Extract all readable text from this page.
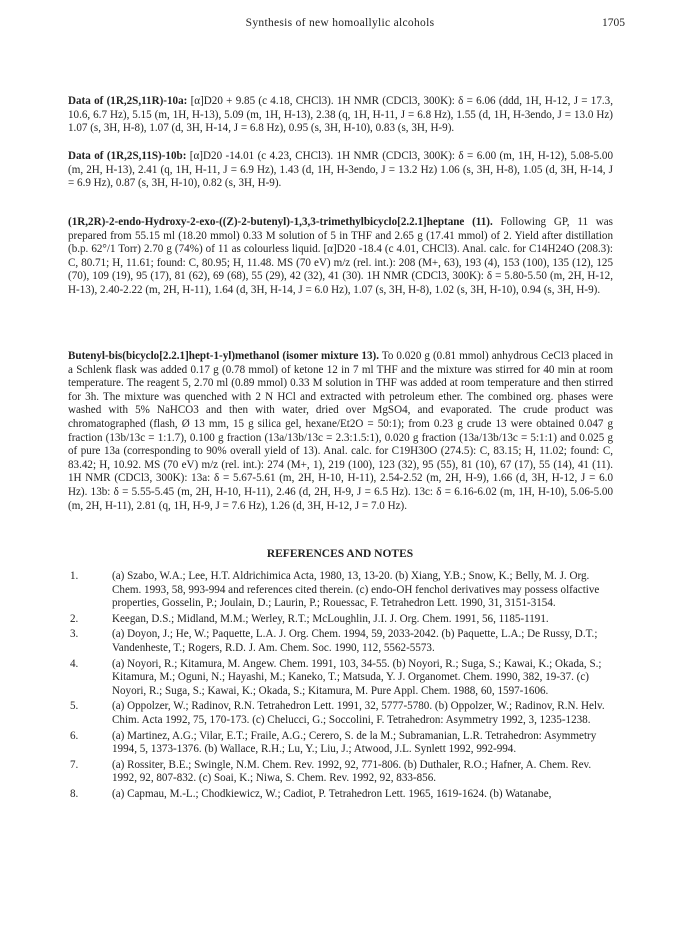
Synthesis of new homoallylic alcohols	1705

Data of (1R,2S,11R)-10a: [α]D20 + 9.85 (c 4.18, CHCl3). 1H NMR (CDCl3, 300K): δ = 6.06 (ddd, 1H, H-12, J = 17.3, 10.6, 6.7 Hz), 5.15 (m, 1H, H-13), 5.09 (m, 1H, H-13), 2.38 (q, 1H, H-11, J = 6.8 Hz), 1.55 (d, 1H, H-3endo, J = 13.0 Hz) 1.07 (s, 3H, H-8), 1.07 (d, 3H, H-14, J = 6.8 Hz), 0.95 (s, 3H, H-10), 0.83 (s, 3H, H-9).

Data of (1R,2S,11S)-10b: [α]D20 -14.01 (c 4.23, CHCl3). 1H NMR (CDCl3, 300K): δ = 6.00 (m, 1H, H-12), 5.08-5.00 (m, 2H, H-13), 2.41 (q, 1H, H-11, J = 6.9 Hz), 1.43 (d, 1H, H-3endo, J = 13.2 Hz) 1.06 (s, 3H, H-8), 1.05 (d, 3H, H-14, J = 6.9 Hz), 0.87 (s, 3H, H-10), 0.82 (s, 3H, H-9).

(1R,2R)-2-endo-Hydroxy-2-exo-((Z)-2-butenyl)-1,3,3-trimethylbicyclo[2.2.1]heptane (11). Following GP, 11 was prepared from 55.15 ml (18.20 mmol) 0.33 M solution of 5 in THF and 2.65 g (17.41 mmol) of 2. Yield after distillation (b.p. 62°/1 Torr) 2.70 g (74%) of 11 as colourless liquid. [α]D20 -18.4 (c 4.01, CHCl3). Anal. calc. for C14H24O (208.3): C, 80.71; H, 11.61; found: C, 80.95; H, 11.48. MS (70 eV) m/z (rel. int.): 208 (M+, 63), 193 (4), 153 (100), 135 (12), 125 (70), 109 (19), 95 (17), 81 (62), 69 (68), 55 (29), 42 (32), 41 (30). 1H NMR (CDCl3, 300K): δ = 5.80-5.50 (m, 2H, H-12, H-13), 2.40-2.22 (m, 2H, H-11), 1.64 (d, 3H, H-14, J = 6.0 Hz), 1.07 (s, 3H, H-8), 1.02 (s, 3H, H-10), 0.94 (s, 3H, H-9).

Butenyl-bis(bicyclo[2.2.1]hept-1-yl)methanol (isomer mixture 13). To 0.020 g (0.81 mmol) anhydrous CeCl3 placed in a Schlenk flask was added 0.17 g (0.78 mmol) of ketone 12 in 7 ml THF and the mixture was stirred for 40 min at room temperature. The reagent 5, 2.70 ml (0.89 mmol) 0.33 M solution in THF was added at room temperature and then stirred for 3h. The mixture was quenched with 2 N HCl and extracted with petroleum ether. The combined org. phases were washed with 5% NaHCO3 and then with water, dried over MgSO4, and evaporated. The crude product was chromatographed (flash, Ø 13 mm, 15 g silica gel, hexane/Et2O = 50:1); from 0.23 g crude 13 were obtained 0.047 g fraction (13b/13c = 1:1.7), 0.100 g fraction (13a/13b/13c = 2.3:1.5:1), 0.020 g fraction (13a/13b/13c = 5:1:1) and 0.025 g of pure 13a (corresponding to 90% overall yield of 13). Anal. calc. for C19H30O (274.5): C, 83.15; H, 11.02; found: C, 83.42; H, 10.92. MS (70 eV) m/z (rel. int.): 274 (M+, 1), 219 (100), 123 (32), 95 (55), 81 (10), 67 (17), 55 (14), 41 (11). 1H NMR (CDCl3, 300K): 13a: δ = 5.67-5.61 (m, 2H, H-10, H-11), 2.54-2.52 (m, 2H, H-9), 1.66 (d, 3H, H-12, J = 6.0 Hz). 13b: δ = 5.55-5.45 (m, 2H, H-10, H-11), 2.46 (d, 2H, H-9, J = 6.5 Hz). 13c: δ = 6.16-6.02 (m, 1H, H-10), 5.06-5.00 (m, 2H, H-11), 2.81 (q, 1H, H-9, J = 7.6 Hz), 1.26 (d, 3H, H-12, J = 7.0 Hz).

REFERENCES AND NOTES
1.	(a) Szabo, W.A.; Lee, H.T. Aldrichimica Acta, 1980, 13, 13-20. (b) Xiang, Y.B.; Snow, K.; Belly, M. J. Org. Chem. 1993, 58, 993-994 and references cited therein. (c) endo-OH fenchol derivatives may possess olfactive properties, Gosselin, P.; Joulain, D.; Laurin, P.; Rouessac, F. Tetrahedron Lett. 1990, 31, 3151-3154.
2.	Keegan, D.S.; Midland, M.M.; Werley, R.T.; McLoughlin, J.I. J. Org. Chem. 1991, 56, 1185-1191.
3.	(a) Doyon, J.; He, W.; Paquette, L.A. J. Org. Chem. 1994, 59, 2033-2042. (b) Paquette, L.A.; De Russy, D.T.; Vandenheste, T.; Rogers, R.D. J. Am. Chem. Soc. 1990, 112, 5562-5573.
4.	(a) Noyori, R.; Kitamura, M. Angew. Chem. 1991, 103, 34-55. (b) Noyori, R.; Suga, S.; Kawai, K.; Okada, S.; Kitamura, M.; Oguni, N.; Hayashi, M.; Kaneko, T.; Matsuda, Y. J. Organomet. Chem. 1990, 382, 19-37. (c) Noyori, R.; Suga, S.; Kawai, K.; Okada, S.; Kitamura, M. Pure Appl. Chem. 1988, 60, 1597-1606.
5.	(a) Oppolzer, W.; Radinov, R.N. Tetrahedron Lett. 1991, 32, 5777-5780. (b) Oppolzer, W.; Radinov, R.N. Helv. Chim. Acta 1992, 75, 170-173. (c) Chelucci, G.; Soccolini, F. Tetrahedron: Asymmetry 1992, 3, 1235-1238.
6.	(a) Martinez, A.G.; Vilar, E.T.; Fraile, A.G.; Cerero, S. de la M.; Subramanian, L.R. Tetrahedron: Asymmetry 1994, 5, 1373-1376. (b) Wallace, R.H.; Lu, Y.; Liu, J.; Atwood, J.L. Synlett 1992, 992-994.
7.	(a) Rossiter, B.E.; Swingle, N.M. Chem. Rev. 1992, 92, 771-806. (b) Duthaler, R.O.; Hafner, A. Chem. Rev. 1992, 92, 807-832. (c) Soai, K.; Niwa, S. Chem. Rev. 1992, 92, 833-856.
8.	(a) Capmau, M.-L.; Chodkiewicz, W.; Cadiot, P. Tetrahedron Lett. 1965, 1619-1624. (b) Watanabe,
